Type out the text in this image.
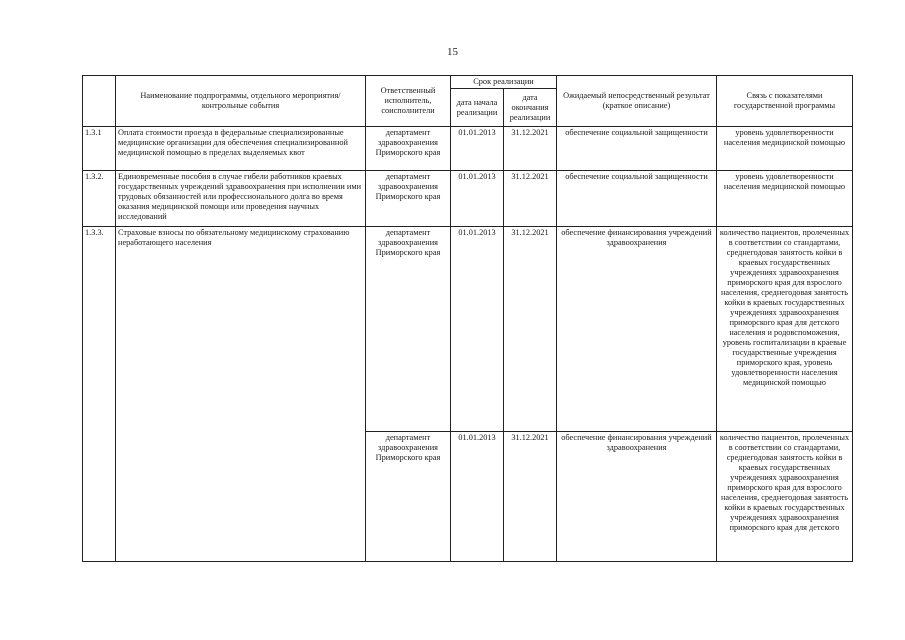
15
	Наименование подпрограммы, отдельного мероприятия/контрольные события	Ответственный исполнитель, соисполнители	Срок реализации		Ожидаемый непосредственный результат (краткое описание)	Связь с показателями государственной программы
			дата начала реализации	дата окончания реализации		
1.3.1	Оплата стоимости проезда в федеральные специализированные медицинские организации для обеспечения специализированной медицинской помощью в пределах выделяемых квот	департамент здравоохранения Приморского края	01.01.2013	31.12.2021	обеспечение социальной защищенности	уровень удовлетворенности населения медицинской помощью
1.3.2.	Единовременные пособия в случае гибели работников краевых государственных учреждений здравоохранения при исполнении ими трудовых обязанностей или профессионального долга во время оказания медицинской помощи или проведения научных исследований	департамент здравоохранения Приморского края	01.01.2013	31.12.2021	обеспечение социальной защищенности	уровень удовлетворенности населения медицинской помощью
1.3.3.	Страховые взносы по обязательному медицинскому страхованию неработающего населения	департамент здравоохранения Приморского края	01.01.2013	31.12.2021	обеспечение финансирования учреждений здравоохранения	количество пациентов, пролеченных в соответствии со стандартами, среднегодовая занятость койки в краевых государственных учреждениях здравоохранения приморского края для взрослого населения, среднегодовая занятость койки в краевых государственных учреждениях здравоохранения приморского края для детского населения и родовспоможения, уровень госпитализации в краевые государственные учреждения приморского края, уровень удовлетворенности населения медицинской помощью
		департамент здравоохранения Приморского края	01.01.2013	31.12.2021	обеспечение финансирования учреждений здравоохранения	количество пациентов, пролеченных в соответствии со стандартами, среднегодовая занятость койки в краевых государственных учреждениях здравоохранения приморского края для взрослого населения, среднегодовая занятость койки в краевых государственных учреждениях здравоохранения приморского края для детского
